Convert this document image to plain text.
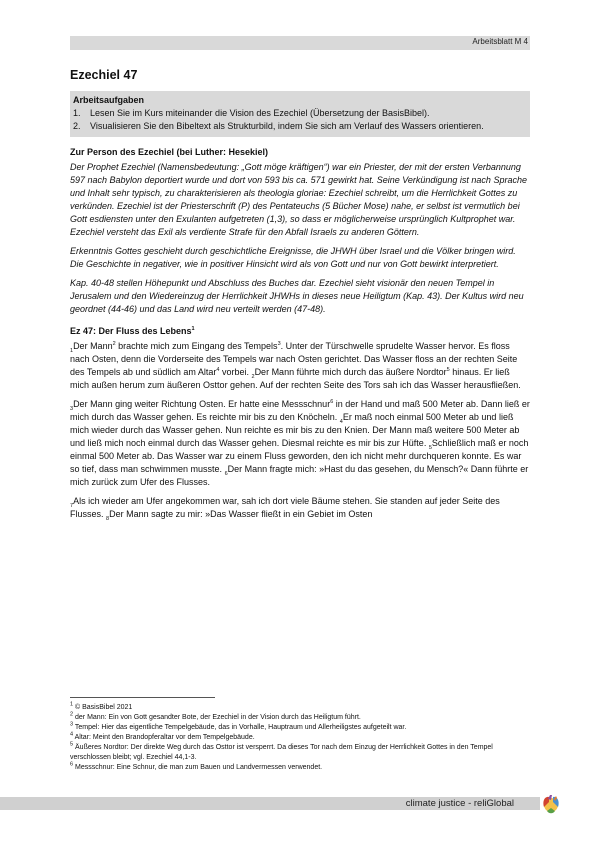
Arbeitsblatt M 4
Ezechiel 47
Arbeitsaufgaben
1.	Lesen Sie im Kurs miteinander die Vision des Ezechiel (Übersetzung der BasisBibel).
2.	Visualisieren Sie den Bibeltext als Strukturbild, indem Sie sich am Verlauf des Wassers orientieren.
Zur Person des Ezechiel (bei Luther: Hesekiel)

Der Prophet Ezechiel (Namensbedeutung: „Gott möge kräftigen“) war ein Priester, der mit der ersten Verbannung 597 nach Babylon deportiert wurde und dort von 593 bis ca. 571 gewirkt hat. Seine Verkündigung ist nach Sprache und Inhalt sehr typisch, zu charakterisieren als theologia gloriae: Ezechiel schreibt, um die Herrlichkeit Gottes zu verkünden. Ezechiel ist der Priesterschrift (P) des Pentateuchs (5 Bücher Mose) nahe, er selbst ist vermutlich bei Gott esdiensten unter den Exulanten aufgetreten (1,3), so dass er möglicherweise ursprünglich Kultprophet war. Ezechiel versteht das Exil als verdiente Strafe für den Abfall Israels zu anderen Göttern.

Erkenntnis Gottes geschieht durch geschichtliche Ereignisse, die JHWH über Israel und die Völker bringen wird. Die Geschichte in negativer, wie in positiver Hinsicht wird als von Gott und nur von Gott bewirkt interpretiert.

Kap. 40-48 stellen Höhepunkt und Abschluss des Buches dar. Ezechiel sieht visionär den neuen Tempel in Jerusalem und den Wiedereinzug der Herrlichkeit JHWHs in dieses neue Heiligtum (Kap. 43). Der Kultus wird neu geordnet (44-46) und das Land wird neu verteilt werden (47-48).

Ez 47: Der Fluss des Lebens$^1$

$_1$Der Mann$^2$ brachte mich zum Eingang des Tempels$^3$. Unter der Türschwelle sprudelte Wasser hervor. Es floss nach Osten, denn die Vorderseite des Tempels war nach Osten gerichtet. Das Wasser floss an der rechten Seite des Tempels ab und südlich am Altar$^4$ vorbei. $_2$Der Mann führte mich durch das äußere Nordtor$^5$ hinaus. Er ließ mich außen herum zum äußeren Osttor gehen. Auf der rechten Seite des Tors sah ich das Wasser herausfließen.

$_3$Der Mann ging weiter Richtung Osten. Er hatte eine Messschnur$^6$ in der Hand und maß 500 Meter ab. Dann ließ er mich durch das Wasser gehen. Es reichte mir bis zu den Knöcheln. $_4$Er maß noch einmal 500 Meter ab und ließ mich wieder durch das Wasser gehen. Nun reichte es mir bis zu den Knien. Der Mann maß weitere 500 Meter ab und ließ mich noch einmal durch das Wasser gehen. Diesmal reichte es mir bis zur Hüfte. $_5$Schließlich maß er noch einmal 500 Meter ab. Das Wasser war zu einem Fluss geworden, den ich nicht mehr durchqueren konnte. Es war so tief, dass man schwimmen musste. $_6$Der Mann fragte mich: »Hast du das gesehen, du Mensch?« Dann führte er mich zurück zum Ufer des Flusses.

$_7$Als ich wieder am Ufer angekommen war, sah ich dort viele Bäume stehen. Sie standen auf jeder Seite des Flusses. $_8$Der Mann sagte zu mir: »Das Wasser fließt in ein Gebiet im Osten

$^1$ © BasisBibel 2021
$^2$ der Mann: Ein von Gott gesandter Bote, der Ezechiel in der Vision durch das Heiligtum führt.
$^3$ Tempel: Hier das eigentliche Tempelgebäude, das in Vorhalle, Hauptraum und Allerheiligstes aufgeteilt war.
$^4$ Altar: Meint den Brandopferaltar vor dem Tempelgebäude.
$^5$ Äußeres Nordtor: Der direkte Weg durch das Osttor ist versperrt. Da dieses Tor nach dem Einzug der Herrlichkeit Gottes in den Tempel verschlossen bleibt; vgl. Ezechiel 44,1-3.
$^6$ Messschnur: Eine Schnur, die man zum Bauen und Landvermessen verwendet.
climate justice - reliGlobal
